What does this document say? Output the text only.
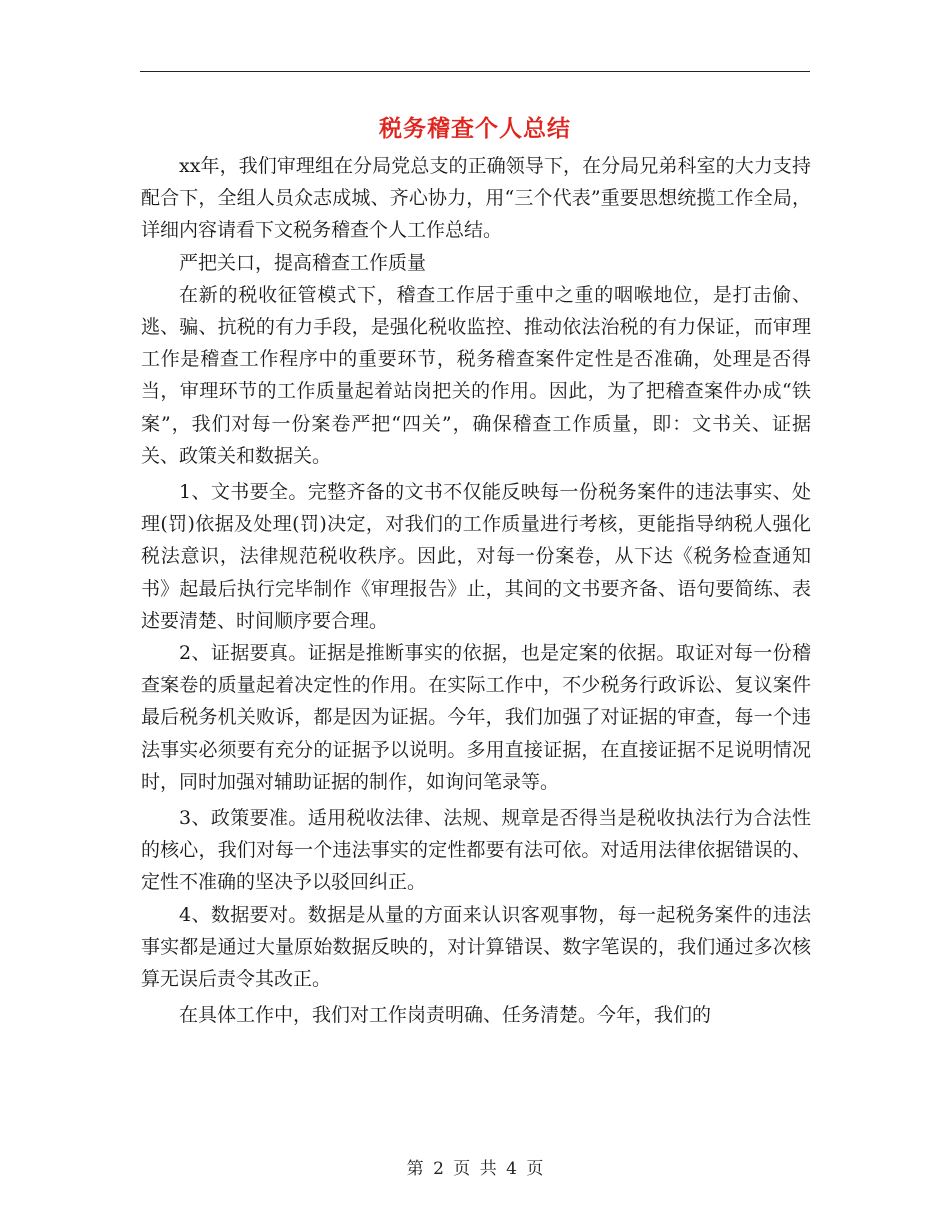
税务稽查个人总结

xx年，我们审理组在分局党总支的正确领导下，在分局兄弟科室的大力支持配合下，全组人员众志成城、齐心协力，用“三个代表”重要思想统揽工作全局，详细内容请看下文税务稽查个人工作总结。

严把关口，提高稽查工作质量

在新的税收征管模式下，稽查工作居于重中之重的咽喉地位，是打击偷、逃、骗、抗税的有力手段，是强化税收监控、推动依法治税的有力保证，而审理工作是稽查工作程序中的重要环节，税务稽查案件定性是否准确，处理是否得当，审理环节的工作质量起着站岗把关的作用。因此，为了把稽查案件办成“铁案”，我们对每一份案卷严把“四关”，确保稽查工作质量，即：文书关、证据关、政策关和数据关。

1、文书要全。完整齐备的文书不仅能反映每一份税务案件的违法事实、处理(罚)依据及处理(罚)决定，对我们的工作质量进行考核，更能指导纳税人强化税法意识，法律规范税收秩序。因此，对每一份案卷，从下达《税务检查通知书》起最后执行完毕制作《审理报告》止，其间的文书要齐备、语句要简练、表述要清楚、时间顺序要合理。

2、证据要真。证据是推断事实的依据，也是定案的依据。取证对每一份稽查案卷的质量起着决定性的作用。在实际工作中，不少税务行政诉讼、复议案件最后税务机关败诉，都是因为证据。今年，我们加强了对证据的审查，每一个违法事实必须要有充分的证据予以说明。多用直接证据，在直接证据不足说明情况时，同时加强对辅助证据的制作，如询问笔录等。

3、政策要准。适用税收法律、法规、规章是否得当是税收执法行为合法性的核心，我们对每一个违法事实的定性都要有法可依。对适用法律依据错误的、定性不准确的坚决予以驳回纠正。

4、数据要对。数据是从量的方面来认识客观事物，每一起税务案件的违法事实都是通过大量原始数据反映的，对计算错误、数字笔误的，我们通过多次核算无误后责令其改正。

在具体工作中，我们对工作岗责明确、任务清楚。今年，我们的

第 2 页 共 4 页
